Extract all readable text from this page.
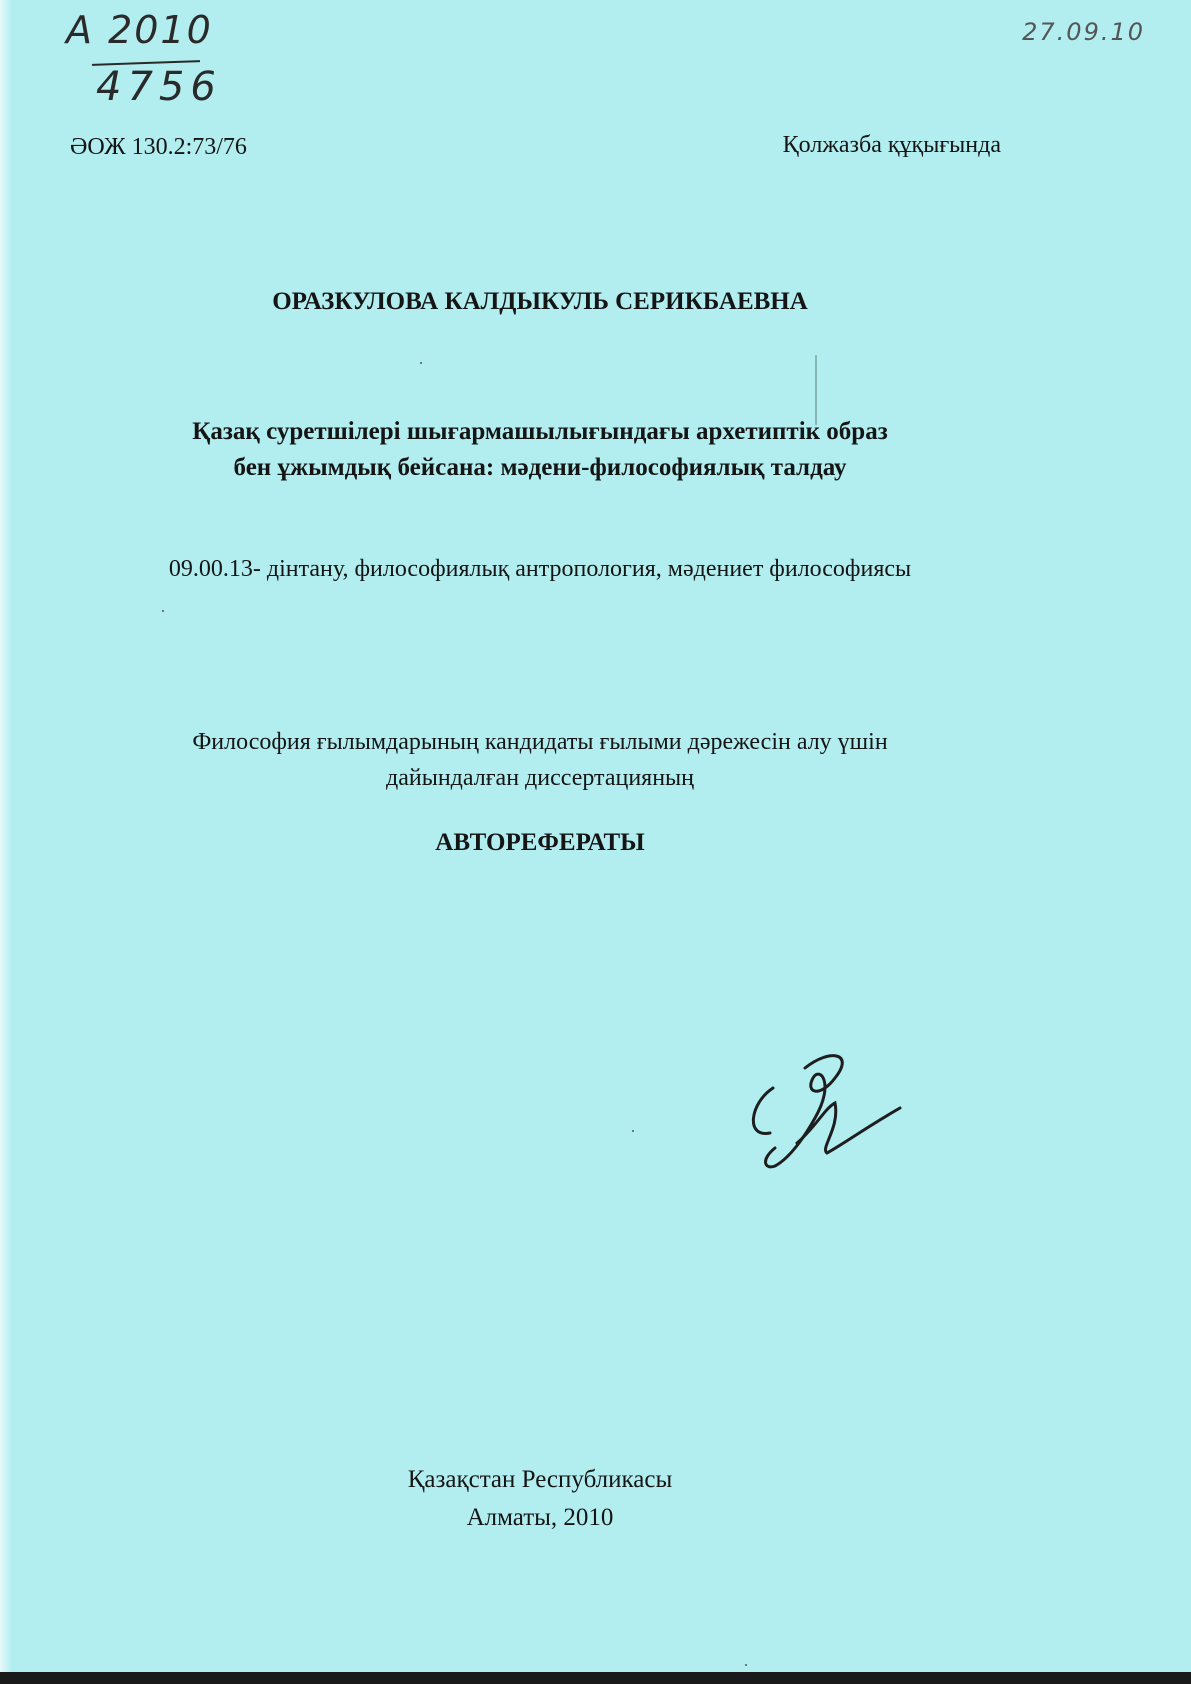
A 2010
4756
27.09.10
ӘОЖ 130.2:73/76	Қолжазба құқығында
ОРАЗКУЛОВА КАЛДЫКУЛЬ СЕРИКБАЕВНА
Қазақ суретшілері шығармашылығындағы архетиптік образ
бен ұжымдық бейсана: мәдени-философиялық талдау
09.00.13- дінтану, философиялық антропология, мәдениет философиясы
Философия ғылымдарының кандидаты ғылыми дәрежесін алу үшін
дайындалған диссертацияның
АВТОРЕФЕРАТЫ
Қазақстан Республикасы
Алматы, 2010
